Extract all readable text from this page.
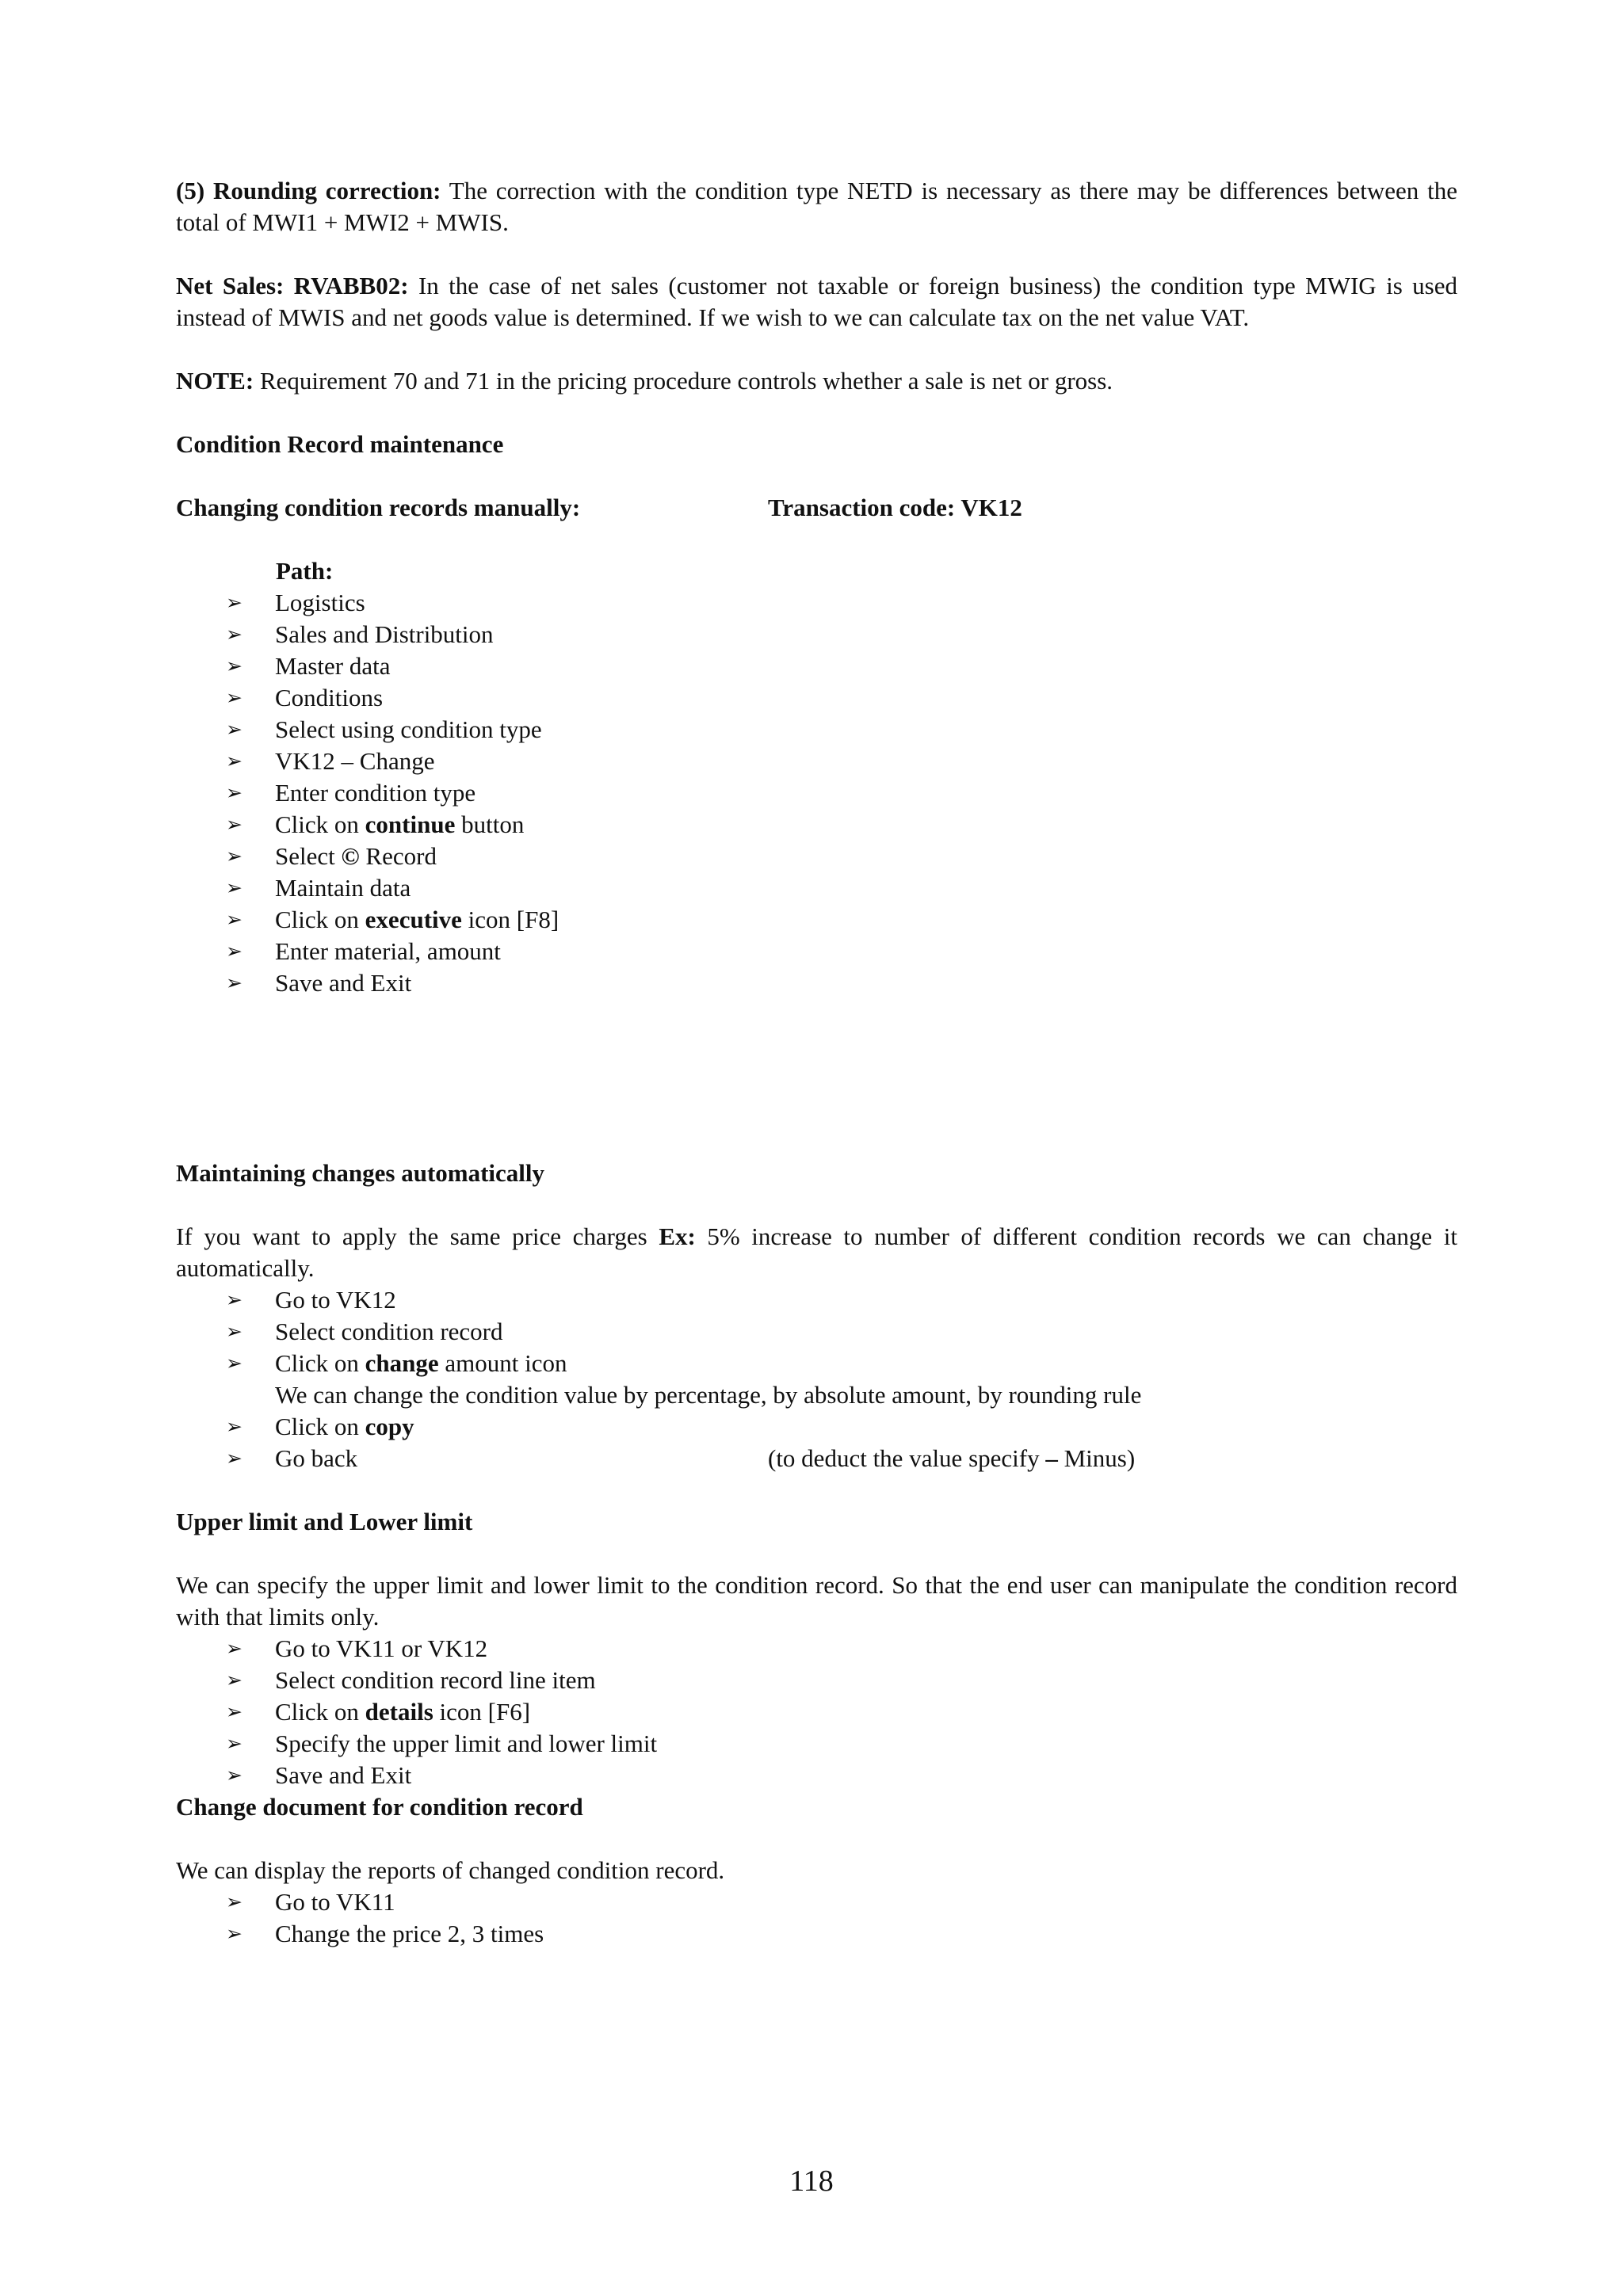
(5) Rounding correction: The correction with the condition type NETD is necessary as there may be differences between the total of MWI1 + MWI2 + MWIS.

Net Sales: RVABB02: In the case of net sales (customer not taxable or foreign business) the condition type MWIG is used instead of MWIS and net goods value is determined. If we wish to we can calculate tax on the net value VAT.

NOTE: Requirement 70 and 71 in the pricing procedure controls whether a sale is net or gross.

Condition Record maintenance

Changing condition records manually:	Transaction code: VK12

Path:

➢ Logistics
➢ Sales and Distribution
➢ Master data
➢ Conditions
➢ Select using condition type
➢ VK12 – Change
➢ Enter condition type
➢ Click on continue button
➢ Select © Record
➢ Maintain data
➢ Click on executive icon [F8]
➢ Enter material, amount
➢ Save and Exit

Maintaining changes automatically

If you want to apply the same price charges Ex: 5% increase to number of different condition records we can change it automatically.

➢ Go to VK12
➢ Select condition record
➢ Click on change amount icon
We can change the condition value by percentage, by absolute amount, by rounding rule
➢ Click on copy
➢ Go back	(to deduct the value specify – Minus)

Upper limit and Lower limit

We can specify the upper limit and lower limit to the condition record. So that the end user can manipulate the condition record with that limits only.

➢ Go to VK11 or VK12
➢ Select condition record line item
➢ Click on details icon [F6]
➢ Specify the upper limit and lower limit
➢ Save and Exit

Change document for condition record

We can display the reports of changed condition record.

➢ Go to VK11
➢ Change the price 2, 3 times
118
